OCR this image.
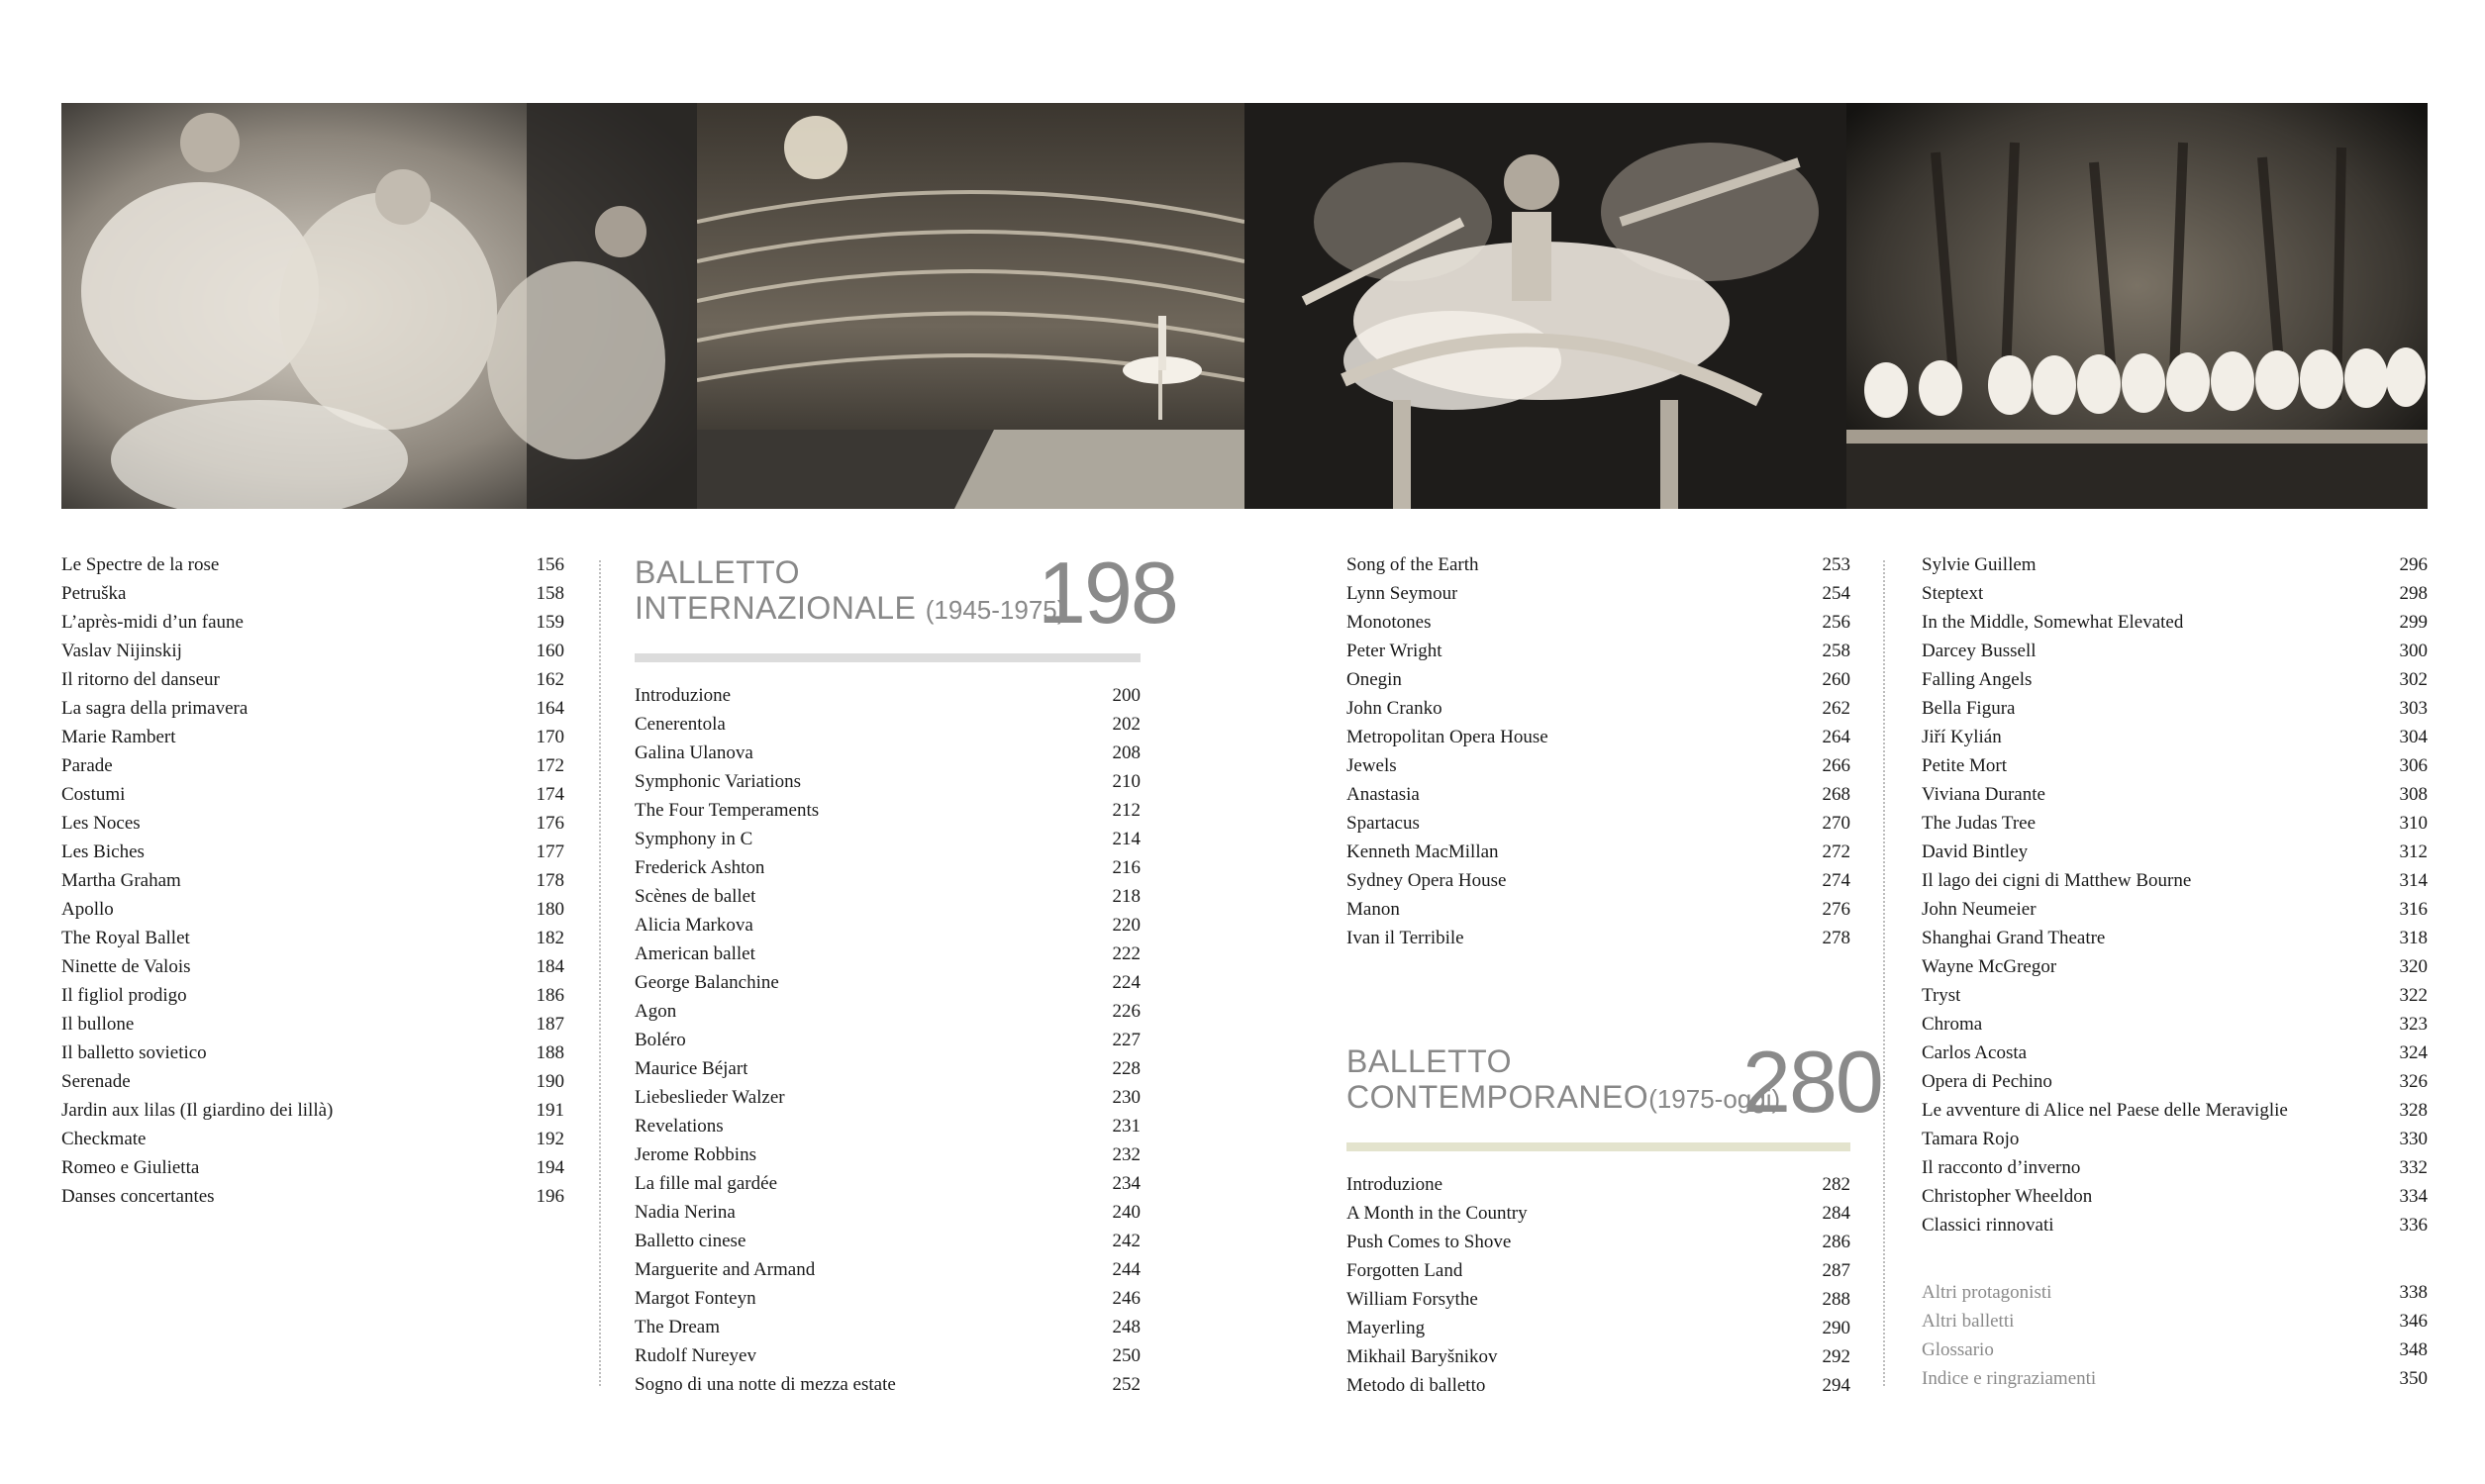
Le Spectre de la rose	156
Petruška	158
L’après-midi d’un faune	159
Vaslav Nijinskij	160
Il ritorno del danseur	162
La sagra della primavera	164
Marie Rambert	170
Parade	172
Costumi	174
Les Noces	176
Les Biches	177
Martha Graham	178
Apollo	180
The Royal Ballet	182
Ninette de Valois	184
Il figliol prodigo	186
Il bullone	187
Il balletto sovietico	188
Serenade	190
Jardin aux lilas (Il giardino dei lillà)	191
Checkmate	192
Romeo e Giulietta	194
Danses concertantes	196
BALLETTO
INTERNAZIONALE (1945-1975)
198
Introduzione	200
Cenerentola	202
Galina Ulanova	208
Symphonic Variations	210
The Four Temperaments	212
Symphony in C	214
Frederick Ashton	216
Scènes de ballet	218
Alicia Markova	220
American ballet	222
George Balanchine	224
Agon	226
Boléro	227
Maurice Béjart	228
Liebeslieder Walzer	230
Revelations	231
Jerome Robbins	232
La fille mal gardée	234
Nadia Nerina	240
Balletto cinese	242
Marguerite and Armand	244
Margot Fonteyn	246
The Dream	248
Rudolf Nureyev	250
Sogno di una notte di mezza estate	252
Song of the Earth	253
Lynn Seymour	254
Monotones	256
Peter Wright	258
Onegin	260
John Cranko	262
Metropolitan Opera House	264
Jewels	266
Anastasia	268
Spartacus	270
Kenneth MacMillan	272
Sydney Opera House	274
Manon	276
Ivan il Terribile	278
BALLETTO
CONTEMPORANEO(1975-oggi)
280
Introduzione	282
A Month in the Country	284
Push Comes to Shove	286
Forgotten Land	287
William Forsythe	288
Mayerling	290
Mikhail Baryšnikov	292
Metodo di balletto	294
Sylvie Guillem	296
Steptext	298
In the Middle, Somewhat Elevated	299
Darcey Bussell	300
Falling Angels	302
Bella Figura	303
Jiří Kylián	304
Petite Mort	306
Viviana Durante	308
The Judas Tree	310
David Bintley	312
Il lago dei cigni di Matthew Bourne	314
John Neumeier	316
Shanghai Grand Theatre	318
Wayne McGregor	320
Tryst	322
Chroma	323
Carlos Acosta	324
Opera di Pechino	326
Le avventure di Alice nel Paese delle Meraviglie	328
Tamara Rojo	330
Il racconto d’inverno	332
Christopher Wheeldon	334
Classici rinnovati	336
Altri protagonisti	338
Altri balletti	346
Glossario	348
Indice e ringraziamenti	350
